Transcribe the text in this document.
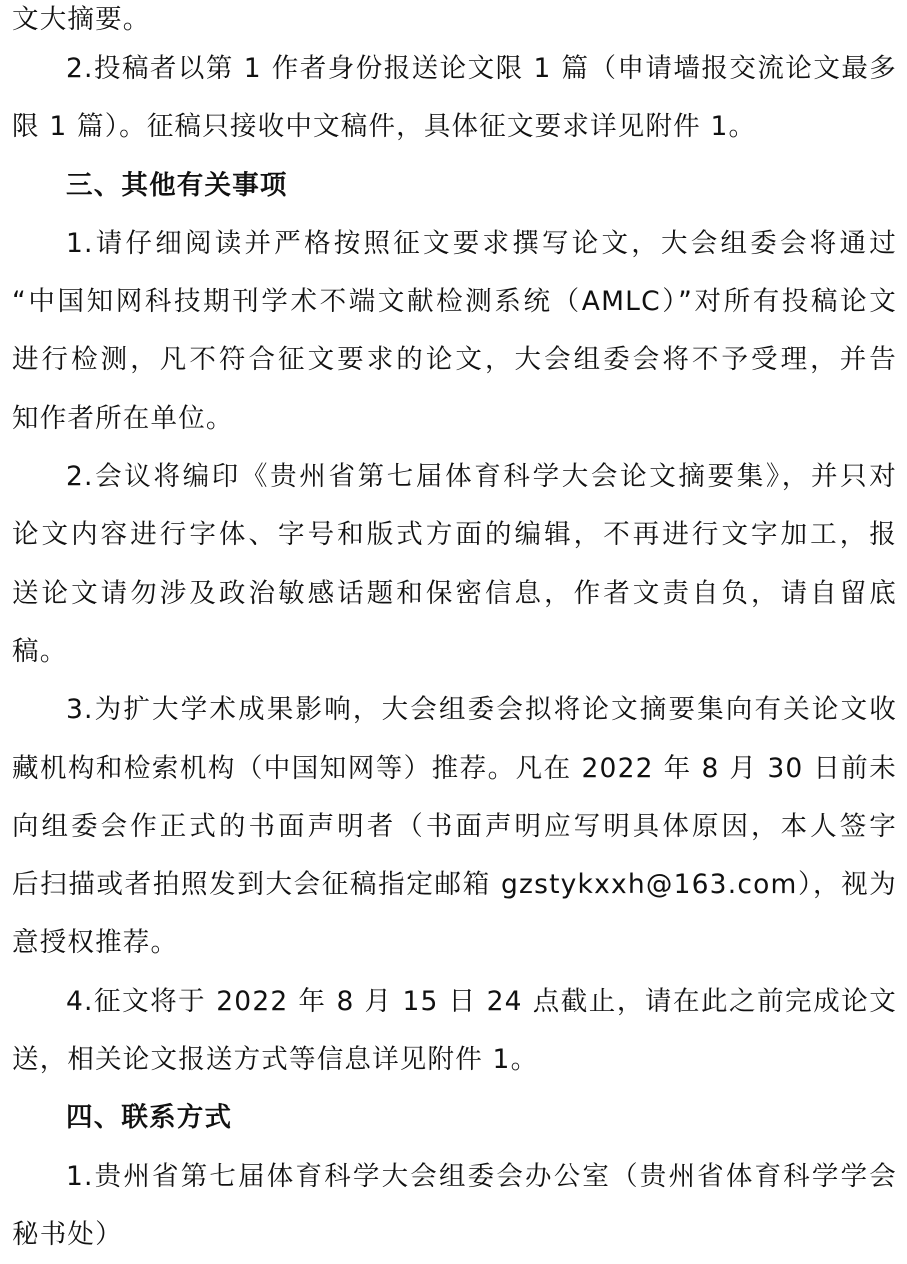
文大摘要。
2.投稿者以第 1 作者身份报送论文限 1 篇（申请墙报交流论文最多
限 1 篇）。征稿只接收中文稿件，具体征文要求详见附件 1。
三、其他有关事项
1.请仔细阅读并严格按照征文要求撰写论文，大会组委会将通过
“中国知网科技期刊学术不端文献检测系统（AMLC）”对所有投稿论文
进行检测，凡不符合征文要求的论文，大会组委会将不予受理，并告
知作者所在单位。
2.会议将编印《贵州省第七届体育科学大会论文摘要集》，并只对
论文内容进行字体、字号和版式方面的编辑，不再进行文字加工，报
送论文请勿涉及政治敏感话题和保密信息，作者文责自负，请自留底
稿。
3.为扩大学术成果影响，大会组委会拟将论文摘要集向有关论文收
藏机构和检索机构（中国知网等）推荐。凡在 2022 年 8 月 30 日前未
向组委会作正式的书面声明者（书面声明应写明具体原因，本人签字
后扫描或者拍照发到大会征稿指定邮箱 gzstykxxh@163.com），视为
意授权推荐。
4.征文将于 2022 年 8 月 15 日 24 点截止，请在此之前完成论文
送，相关论文报送方式等信息详见附件 1。
四、联系方式
1.贵州省第七届体育科学大会组委会办公室（贵州省体育科学学会
秘书处）
